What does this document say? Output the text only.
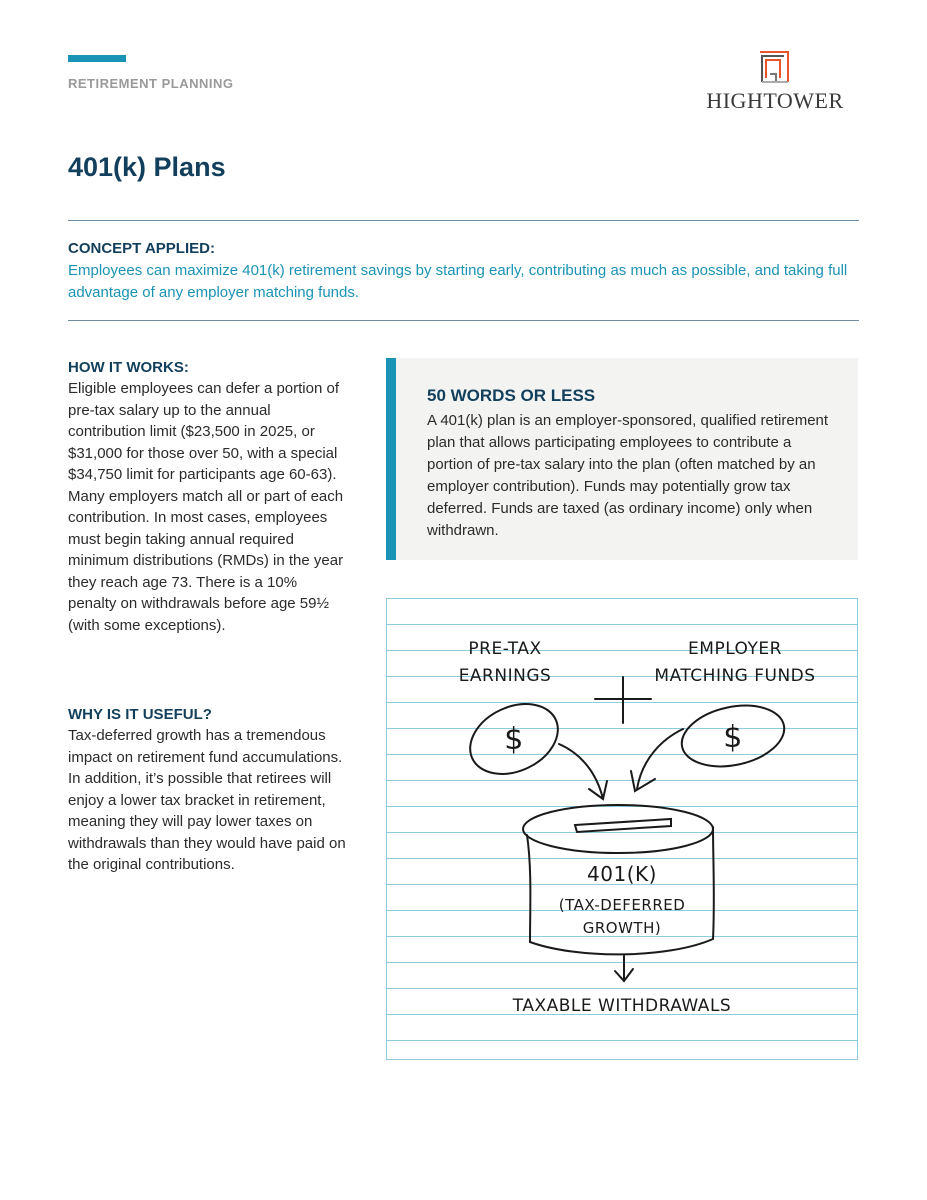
RETIREMENT PLANNING
HIGHTOWER
401(k) Plans
CONCEPT APPLIED:
Employees can maximize 401(k) retirement savings by starting early, contributing as much as possible, and taking full advantage of any employer matching funds.
HOW IT WORKS:

Eligible employees can defer a portion of pre-tax salary up to the annual contribution limit ($23,500 in 2025, or $31,000 for those over 50, with a special $34,750 limit for participants age 60-63). Many employers match all or part of each contribution. In most cases, employees must begin taking annual required minimum distributions (RMDs) in the year they reach age 73. There is a 10% penalty on withdrawals before age 59½ (with some exceptions).

WHY IS IT USEFUL?

Tax-deferred growth has a tremendous impact on retirement fund accumulations. In addition, it’s possible that retirees will enjoy a lower tax bracket in retirement, meaning they will pay lower taxes on withdrawals than they would have paid on the original contributions.

50 WORDS OR LESS

A 401(k) plan is an employer-sponsored, qualified retirement plan that allows participating employees to contribute a portion of pre-tax salary into the plan (often matched by an employer contribution). Funds may potentially grow tax deferred. Funds are taxed (as ordinary income) only when withdrawn.

PRE-TAX
EARNINGS
EMPLOYER
MATCHING FUNDS
$	$
401(K)
(TAX-DEFERRED
GROWTH)
TAXABLE WITHDRAWALS
